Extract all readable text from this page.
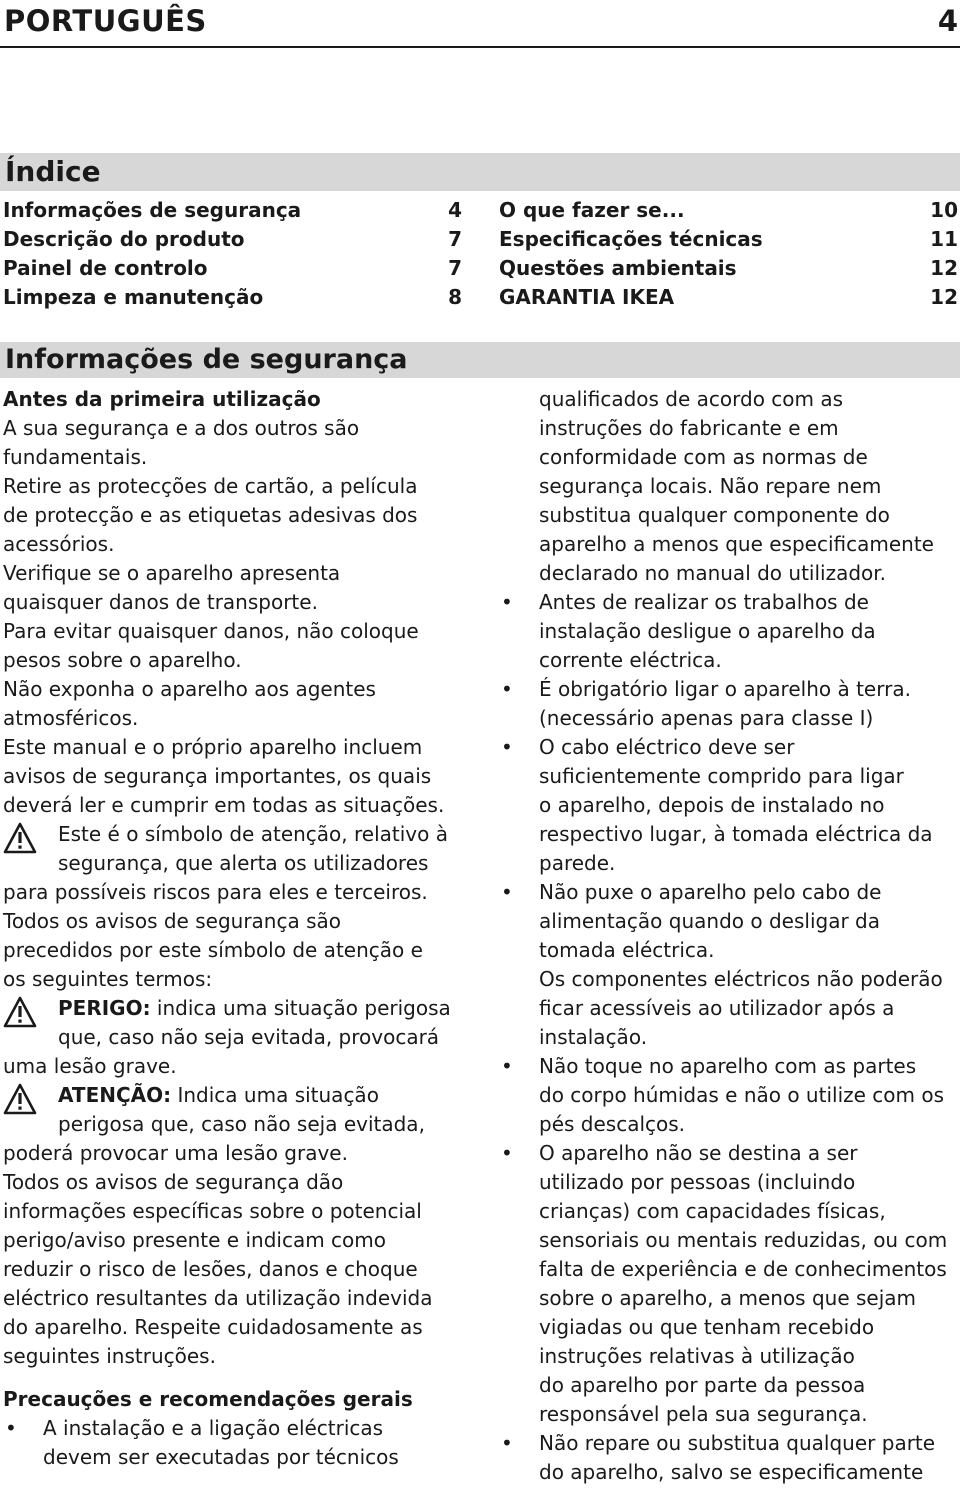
PORTUGUÊS	4
Índice
Informações de segurança	4
Descrição do produto	7
Painel de controlo	7
Limpeza e manutenção	8
O que fazer se...	10
Especificações técnicas	11
Questões ambientais	12
GARANTIA IKEA	12
Informações de segurança
Antes da primeira utilização
A sua segurança e a dos outros são
fundamentais.
Retire as protecções de cartão, a película
de protecção e as etiquetas adesivas dos
acessórios.
Verifique se o aparelho apresenta
quaisquer danos de transporte.
Para evitar quaisquer danos, não coloque
pesos sobre o aparelho.
Não exponha o aparelho aos agentes
atmosféricos.
Este manual e o próprio aparelho incluem
avisos de segurança importantes, os quais
deverá ler e cumprir em todas as situações.
Este é o símbolo de atenção, relativo à
segurança, que alerta os utilizadores
para possíveis riscos para eles e terceiros.
Todos os avisos de segurança são
precedidos por este símbolo de atenção e
os seguintes termos:
PERIGO: indica uma situação perigosa
que, caso não seja evitada, provocará
uma lesão grave.
ATENÇÃO: Indica uma situação
perigosa que, caso não seja evitada,
poderá provocar uma lesão grave.
Todos os avisos de segurança dão
informações específicas sobre o potencial
perigo/aviso presente e indicam como
reduzir o risco de lesões, danos e choque
eléctrico resultantes da utilização indevida
do aparelho. Respeite cuidadosamente as
seguintes instruções.
Precauções e recomendações gerais
• A instalação e a ligação eléctricas
devem ser executadas por técnicos
qualificados de acordo com as
instruções do fabricante e em
conformidade com as normas de
segurança locais. Não repare nem
substitua qualquer componente do
aparelho a menos que especificamente
declarado no manual do utilizador.
• Antes de realizar os trabalhos de
instalação desligue o aparelho da
corrente eléctrica.
• É obrigatório ligar o aparelho à terra.
(necessário apenas para classe I)
• O cabo eléctrico deve ser
suficientemente comprido para ligar
o aparelho, depois de instalado no
respectivo lugar, à tomada eléctrica da
parede.
• Não puxe o aparelho pelo cabo de
alimentação quando o desligar da
tomada eléctrica.
Os componentes eléctricos não poderão
ficar acessíveis ao utilizador após a
instalação.
• Não toque no aparelho com as partes
do corpo húmidas e não o utilize com os
pés descalços.
• O aparelho não se destina a ser
utilizado por pessoas (incluindo
crianças) com capacidades físicas,
sensoriais ou mentais reduzidas, ou com
falta de experiência e de conhecimentos
sobre o aparelho, a menos que sejam
vigiadas ou que tenham recebido
instruções relativas à utilização
do aparelho por parte da pessoa
responsável pela sua segurança.
• Não repare ou substitua qualquer parte
do aparelho, salvo se especificamente
